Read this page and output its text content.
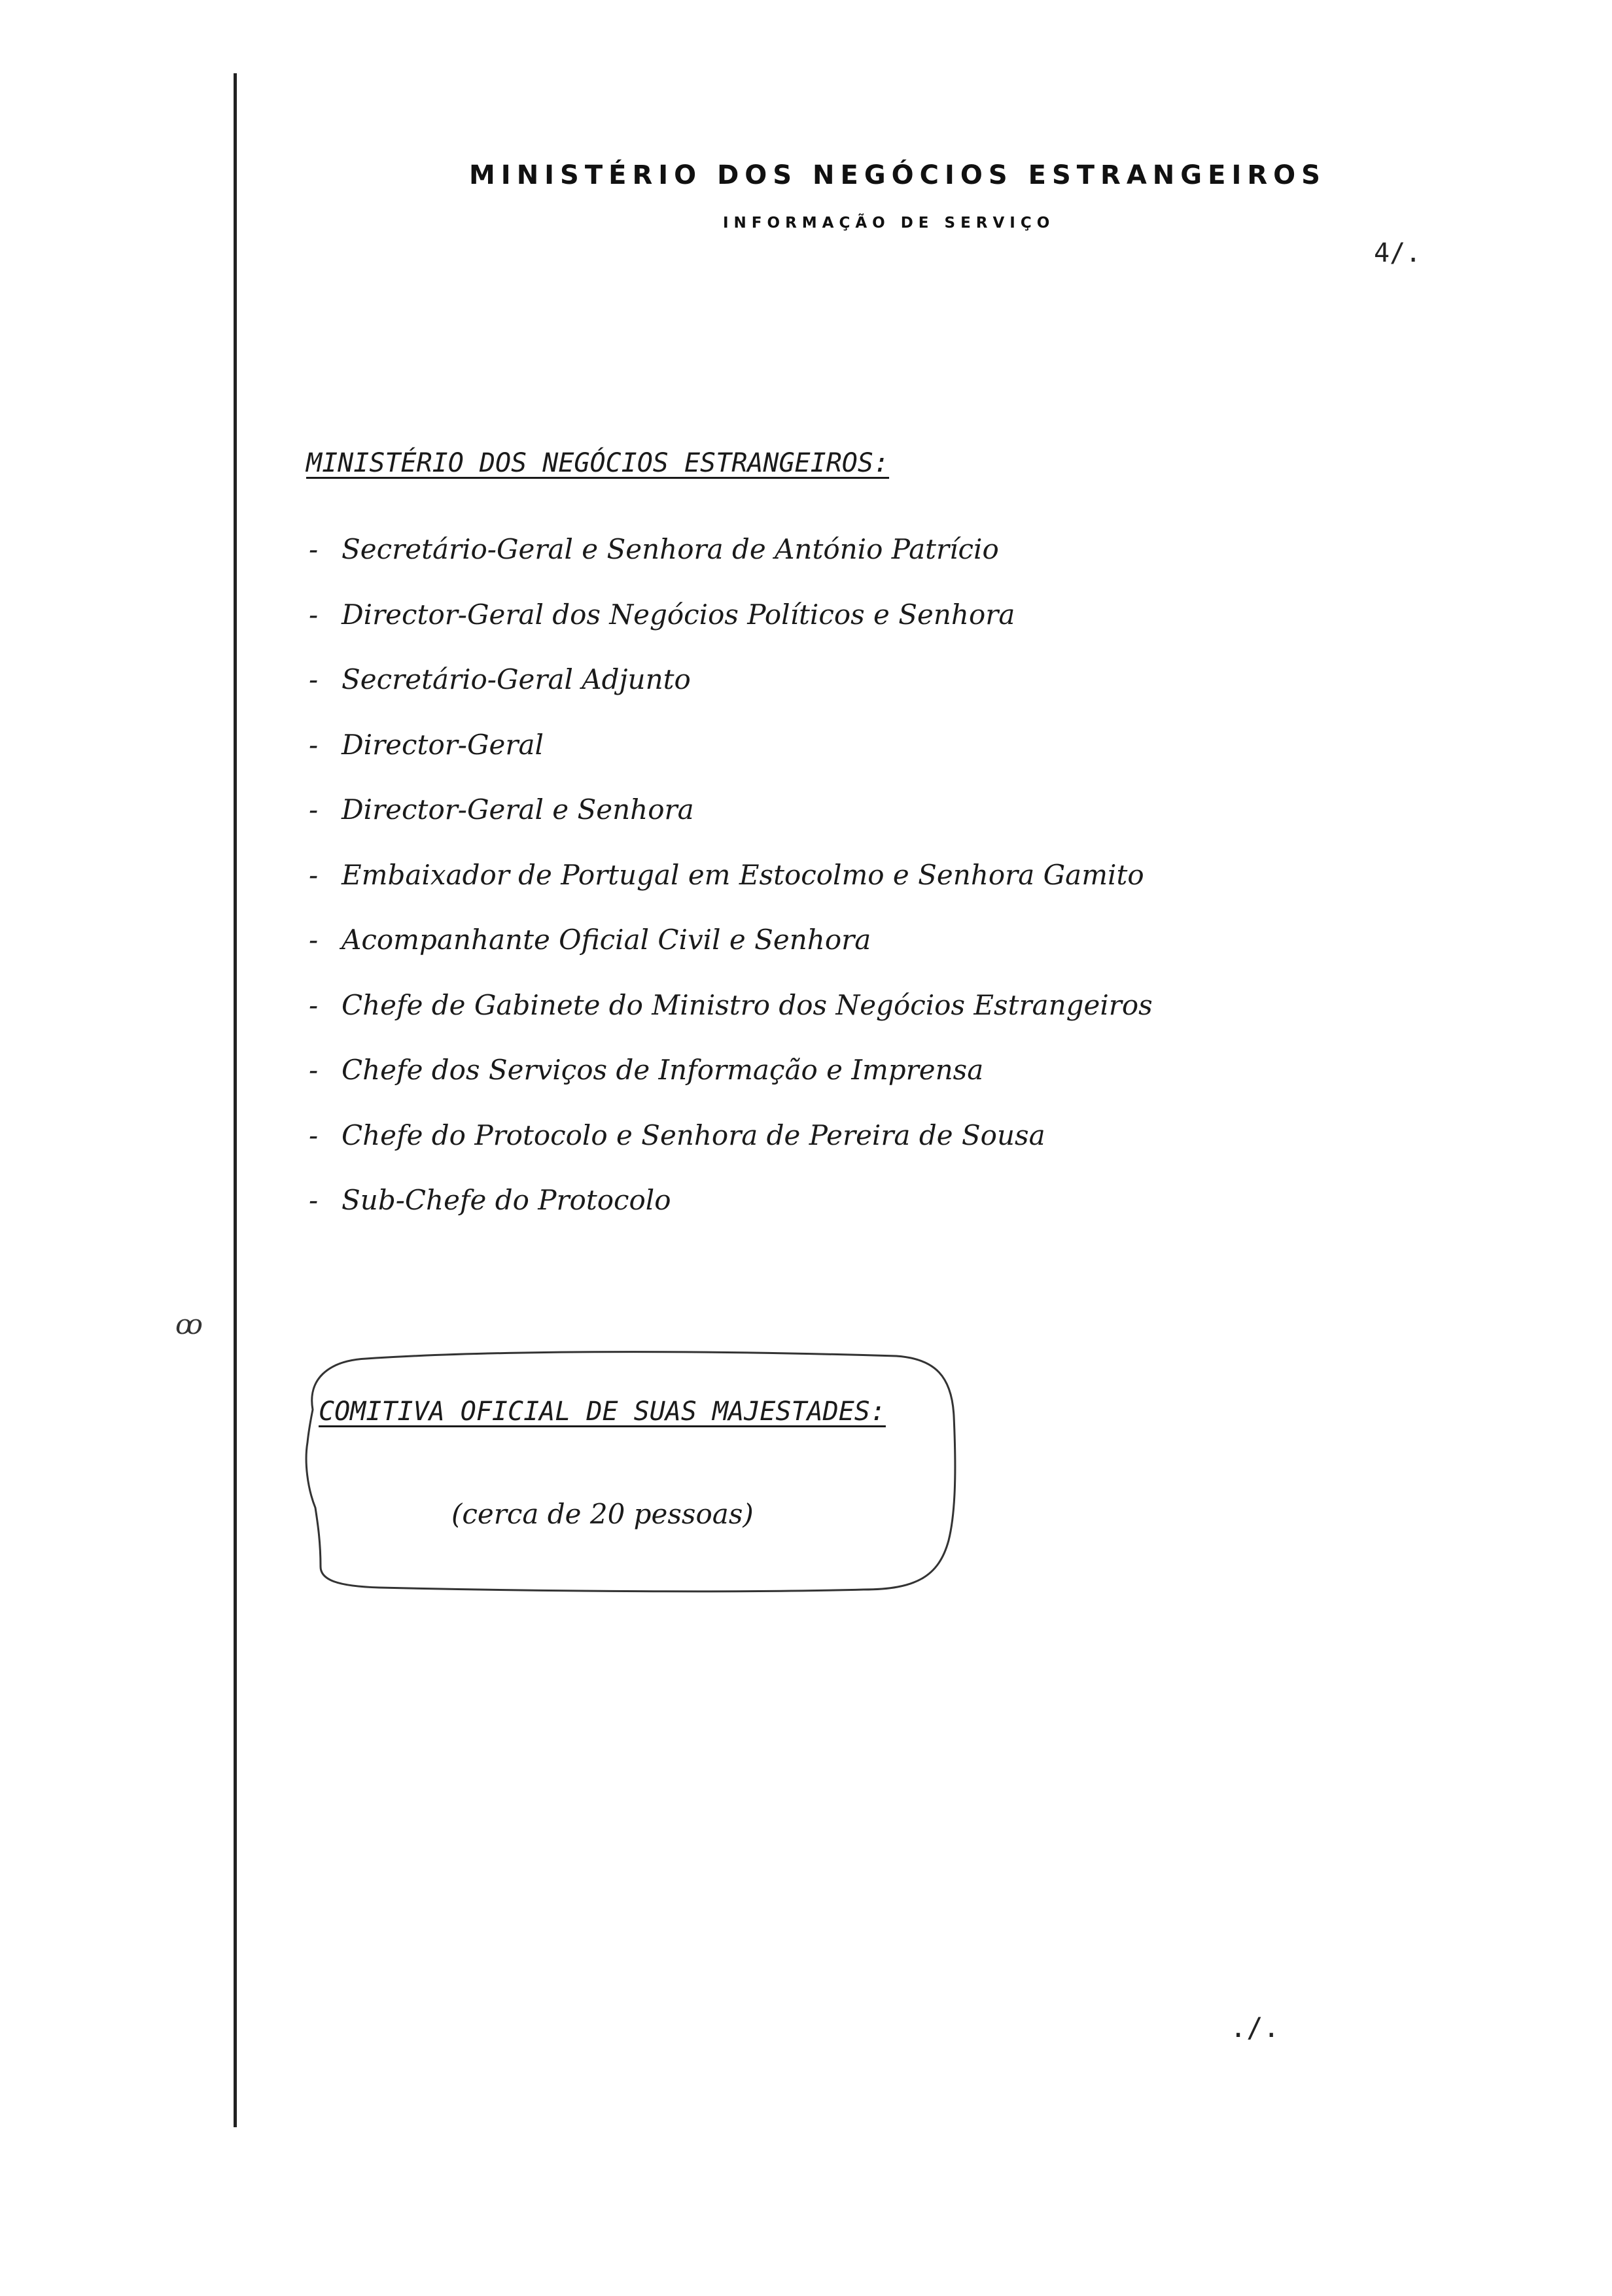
MINISTÉRIO DOS NEGÓCIOS ESTRANGEIROS
INFORMAÇÃO DE SERVIÇO
4/.
MINISTÉRIO DOS NEGÓCIOS ESTRANGEIROS:
- Secretário-Geral e Senhora de António Patrício
- Director-Geral dos Negócios Políticos e Senhora
- Secretário-Geral Adjunto
- Director-Geral
- Director-Geral e Senhora
- Embaixador de Portugal em Estocolmo e Senhora Gamito
- Acompanhante Oficial Civil e Senhora
- Chefe de Gabinete do Ministro dos Negócios Estrangeiros
- Chefe dos Serviços de Informação e Imprensa
- Chefe do Protocolo e Senhora de Pereira de Sousa
- Sub-Chefe do Protocolo
COMITIVA OFICIAL DE SUAS MAJESTADES:
(cerca de 20 pessoas)
ꝏ
./.
